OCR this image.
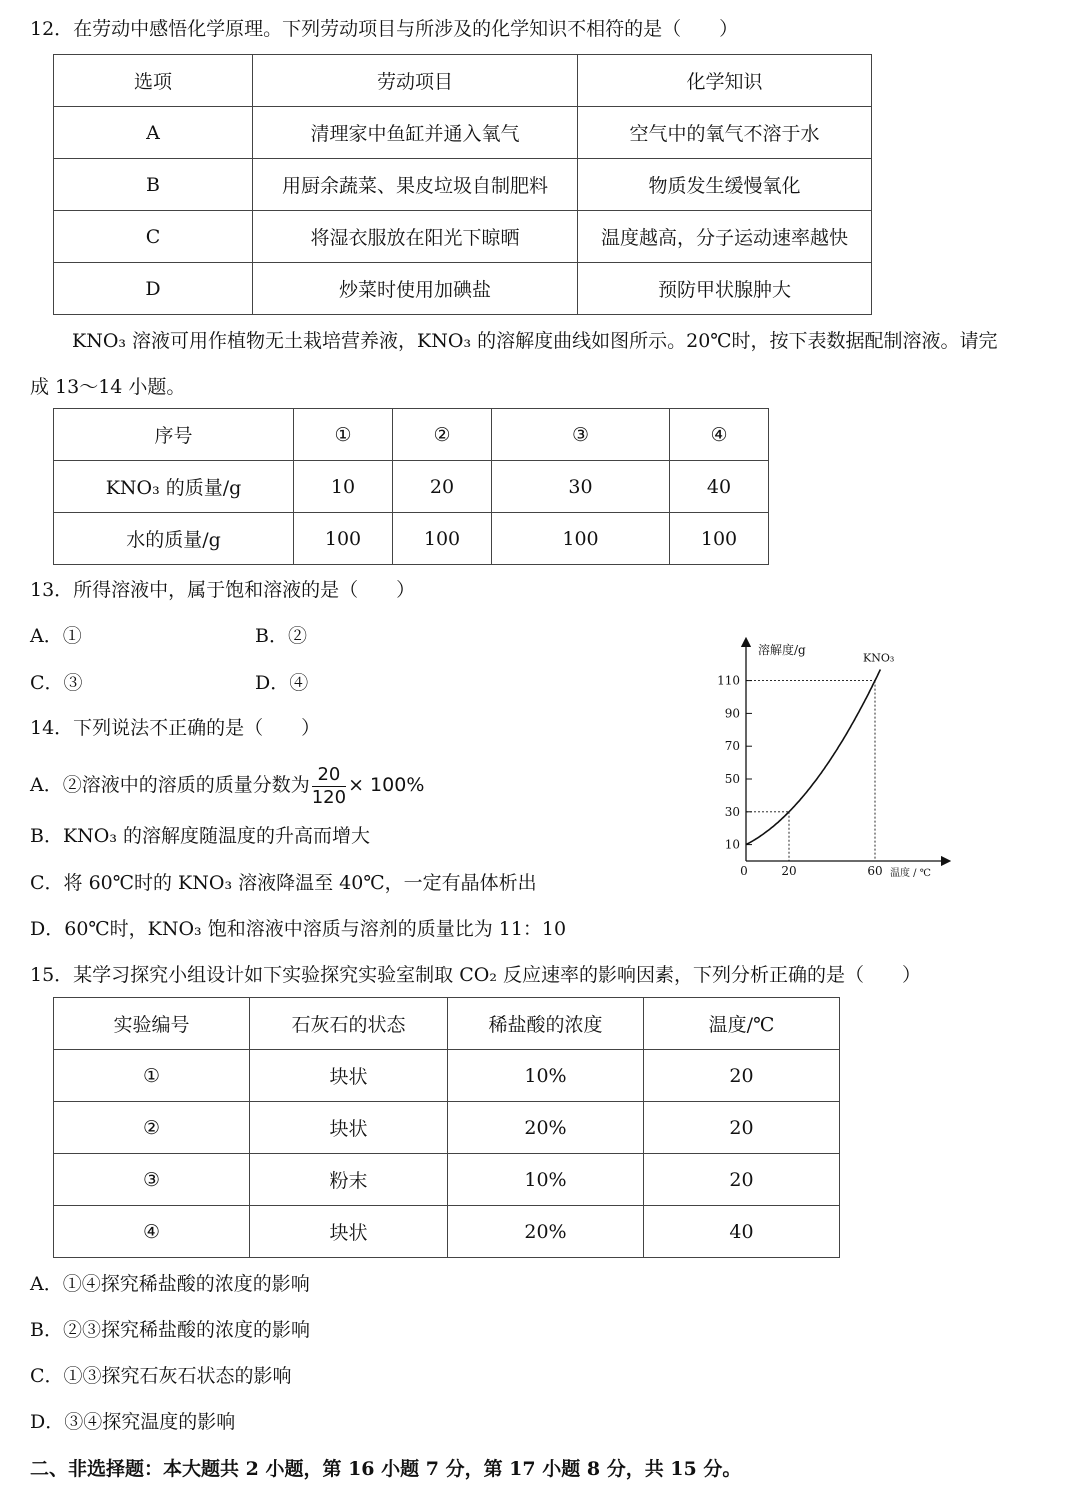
12．在劳动中感悟化学原理。下列劳动项目与所涉及的化学知识不相符的是（　　）
选项	劳动项目	化学知识
A	清理家中鱼缸并通入氧气	空气中的氧气不溶于水
B	用厨余蔬菜、果皮垃圾自制肥料	物质发生缓慢氧化
C	将湿衣服放在阳光下晾晒	温度越高，分子运动速率越快
D	炒菜时使用加碘盐	预防甲状腺肿大
KNO₃ 溶液可用作植物无土栽培营养液，KNO₃ 的溶解度曲线如图所示。20℃时，按下表数据配制溶液。请完
成 13～14 小题。
序号	①	②	③	④
KNO₃ 的质量/g	10	20	30	40
水的质量/g	100	100	100	100
13．所得溶液中，属于饱和溶液的是（　　）
A．①	B．②
C．③	D．④
14．下列说法不正确的是（　　）
A．②溶液中的溶质的质量分数为 $\frac{20}{120} \times 100\%$
B．KNO₃ 的溶解度随温度的升高而增大
C．将 60℃时的 KNO₃ 溶液降温至 40℃，一定有晶体析出
D．60℃时，KNO₃ 饱和溶液中溶质与溶剂的质量比为 11：10
10
30
50
70
90
110
0	20	60
KNO₃
溶解度/g
温度 / ℃
15．某学习探究小组设计如下实验探究实验室制取 CO₂ 反应速率的影响因素，下列分析正确的是（　　）
实验编号	石灰石的状态	稀盐酸的浓度	温度/℃
①	块状	10%	20
②	块状	20%	20
③	粉末	10%	20
④	块状	20%	40
A．①④探究稀盐酸的浓度的影响
B．②③探究稀盐酸的浓度的影响
C．①③探究石灰石状态的影响
D．③④探究温度的影响
二、非选择题：本大题共 2 小题，第 16 小题 7 分，第 17 小题 8 分，共 15 分。
